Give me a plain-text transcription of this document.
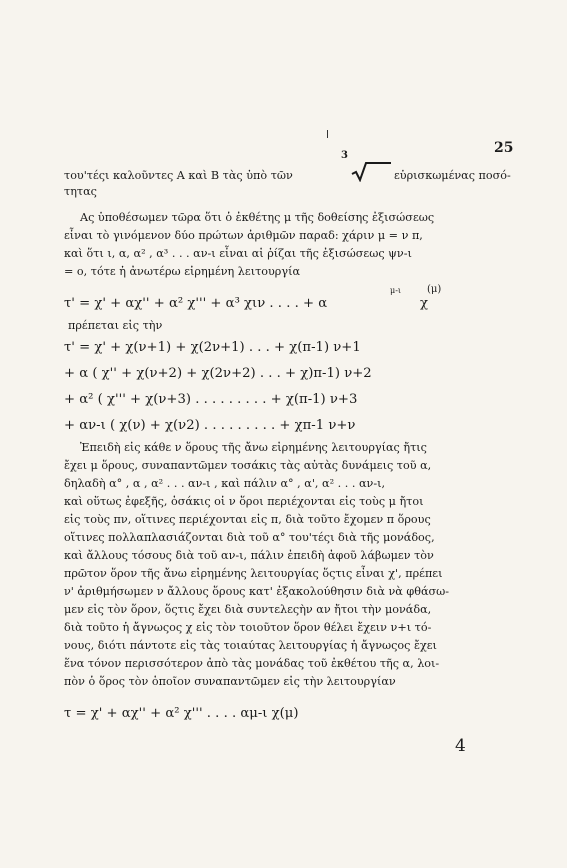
25
του'τέςι καλοῦντες Α καὶ Β τὰς ὑπὸ τῶν
3
εὑρισκωμένας ποσό-
τητας
Ας ὑποθέσωμεν τῶρα ὅτι ὁ ἐκθέτης μ τῆς δοθείσης ἐξισώσεως
εἶναι τὸ γινόμενον δύο πρώτων ἀριθμῶν παραδ: χάριν μ = ν π,
καὶ ὅτι ι, α, α² , α³ . . . αν-ι εἶναι αἱ ῥίζαι τῆς ἐξισώσεως ψν-ι
= ο, τότε ἡ ἀνωτέρω εἰρημένη λειτουργία
μ-ι	(μ)
τ' = χ' + αχ'' + α² χ''' + α³ χιν . . . . + α	χ
πρέπεται εἰς τὴν
τ' = χ' + χ(ν+1) + χ(2ν+1) . . . + χ(π-1) ν+1
+ α ( χ'' + χ(ν+2) + χ(2ν+2) . . . + χ)π-1) ν+2
+ α² ( χ''' + χ(ν+3) . . . . . . . . . + χ(π-1) ν+3
+ αν-ι ( χ(ν) + χ(ν2) . . . . . . . . . + χπ-1 ν+ν
Ἐπειδὴ εἰς κάθε ν ὅρους τῆς ἄνω εἰρημένης λειτουργίας ἤτις
ἔχει μ ὅρους, συναπαντῶμεν τοσάκις τὰς αὐτὰς δυνάμεις τοῦ α,
δηλαδὴ α° , α , α² . . . αν-ι , καὶ πάλιν α° , α', α² . . . αν-ι,
καὶ οὕτως ἐφεξῆς, ὁσάκις οἱ ν ὅροι περιέχονται εἰς τοὺς μ ἤτοι
εἰς τοὺς πν, οἵτινες περιέχονται εἰς π, διὰ τοῦτο ἔχομεν π ὅρους
οἵτινες πολλαπλασιάζονται διὰ τοῦ α° του'τέςι διὰ τῆς μονάδος,
καὶ ἄλλους τόσους διὰ τοῦ αν-ι, πάλιν ἐπειδὴ ἀφοῦ λάβωμεν τὸν
πρῶτον ὅρον τῆς ἄνω εἰρημένης λειτουργίας ὅςτις εἶναι χ', πρέπει
ν' ἀριθμήσωμεν ν ἄλλους ὅρους κατ' ἐξακολούθησιν διὰ νὰ φθάσω-
μεν εἰς τὸν ὅρον, ὅςτις ἔχει διὰ συντελεςὴν αν ἤτοι τὴν μονάδα,
διὰ τοῦτο ἡ ἄγνωςος χ εἰς τὸν τοιοῦτον ὅρον θέλει ἔχειν ν+ι τό-
νους, διότι πάντοτε εἰς τὰς τοιαύτας λειτουργίας ἡ ἄγνωςος ἔχει
ἕνα τόνον περισσότερον ἀπὸ τὰς μονάδας τοῦ ἐκθέτου τῆς α, λοι-
πὸν ὁ ὅρος τὸν ὁποῖον συναπαντῶμεν εἰς τὴν λειτουργίαν
τ = χ' + αχ'' + α² χ''' . . . . αμ-ι χ(μ)
4
